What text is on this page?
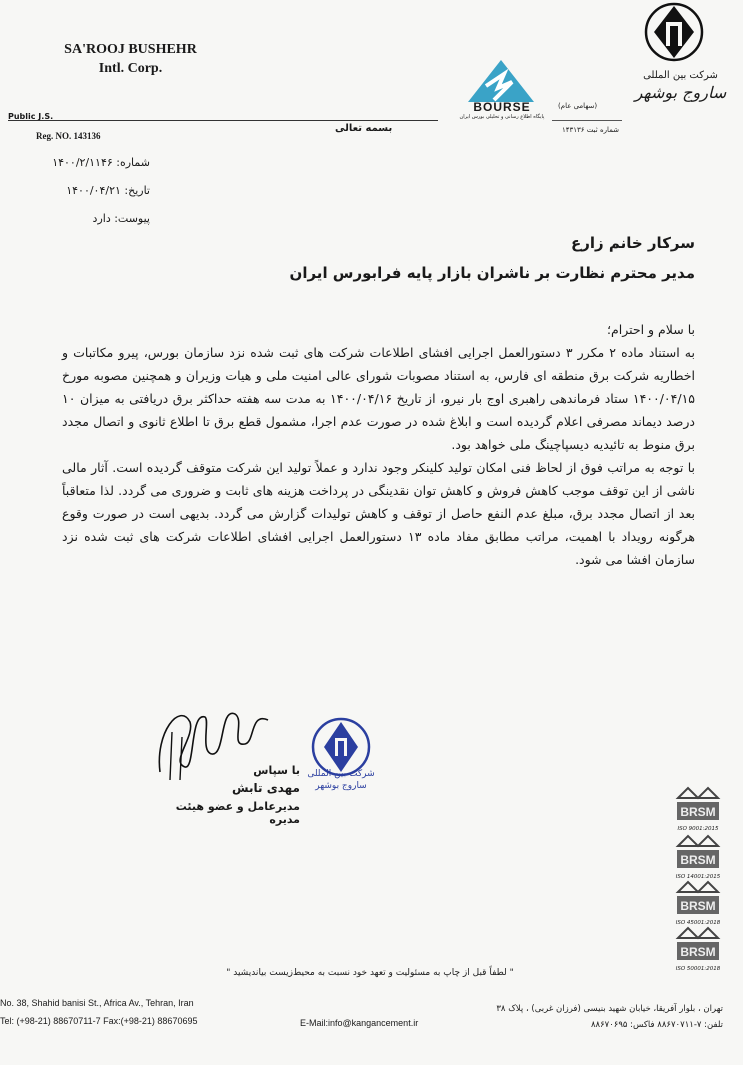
SA'ROOJ BUSHEHR
Intl. Corp.
Public J.S.
Reg. NO. 143136
بسمه تعالی
BOURSE
پایگاه اطلاع رسانی و تحلیلی بورس ایران
(سهامی عام)
شماره ثبت ۱۴۳۱۳۶
شرکت بین المللی
ساروج بوشهر
شماره: ۱۴۰۰/۲/۱۱۴۶
تاریخ: ۱۴۰۰/۰۴/۲۱
پیوست: دارد
سرکار خانم زارع
مدیر محترم نظارت بر ناشران بازار پایه فرابورس ایران

با سلام و احترام؛

به استناد ماده ۲ مکرر ۳ دستورالعمل اجرایی افشای اطلاعات شرکت های ثبت شده نزد سازمان بورس، پیرو مکاتبات و اخطاریه شرکت برق منطقه ای فارس، به استناد مصوبات شورای عالی امنیت ملی و هیات وزیران و همچنین مصوبه مورخ ۱۴۰۰/۰۴/۱۵ ستاد فرماندهی راهبری اوج بار نیرو، از تاریخ ۱۴۰۰/۰۴/۱۶ به مدت سه هفته حداکثر برق دریافتی به میزان ۱۰ درصد دیماند مصرفی اعلام گردیده است و ابلاغ شده در صورت عدم اجرا، مشمول قطع برق تا اطلاع ثانوی و اتصال مجدد برق منوط به تائیدیه دیسپاچینگ ملی خواهد بود.

با توجه به مراتب فوق از لحاظ فنی امکان تولید کلینکر وجود ندارد و عملاً تولید این شرکت متوقف گردیده است. آثار مالی ناشی از این توقف موجب کاهش فروش و کاهش توان نقدینگی در پرداخت هزینه های ثابت و ضروری می گردد. لذا متعاقباً بعد از اتصال مجدد برق، مبلغ عدم النفع حاصل از توقف و کاهش تولیدات گزارش می گردد. بدیهی است در صورت وقوع هرگونه رویداد با اهمیت، مراتب مطابق مفاد ماده ۱۳ دستورالعمل اجرایی افشای اطلاعات شرکت های ثبت شده نزد سازمان افشا می شود.

شرکت بین المللی
ساروج بوشهر
با سپاس
مهدی تابش
مدیرعامل و عضو هیئت مدیره
BRSM
ISO 9001:2015
BRSM
ISO 14001:2015
BRSM
ISO 45001:2018
BRSM
ISO 50001:2018
" لطفاً قبل از چاپ به مسئولیت و تعهد خود نسبت به محیط‌زیست بیاندیشید "
No. 38, Shahid banisi St., Africa Av., Tehran, Iran
Tel: (+98-21) 88670711-7 Fax:(+98-21) 88670695	E-Mail:info@kangancement.ir
تهران ، بلوار آفریقا، خیابان شهید بنیسی (فرزان غربی) ، پلاک ۳۸
تلفن: ۷-۸۸۶۷۰۷۱۱ فاکس: ۸۸۶۷۰۶۹۵
